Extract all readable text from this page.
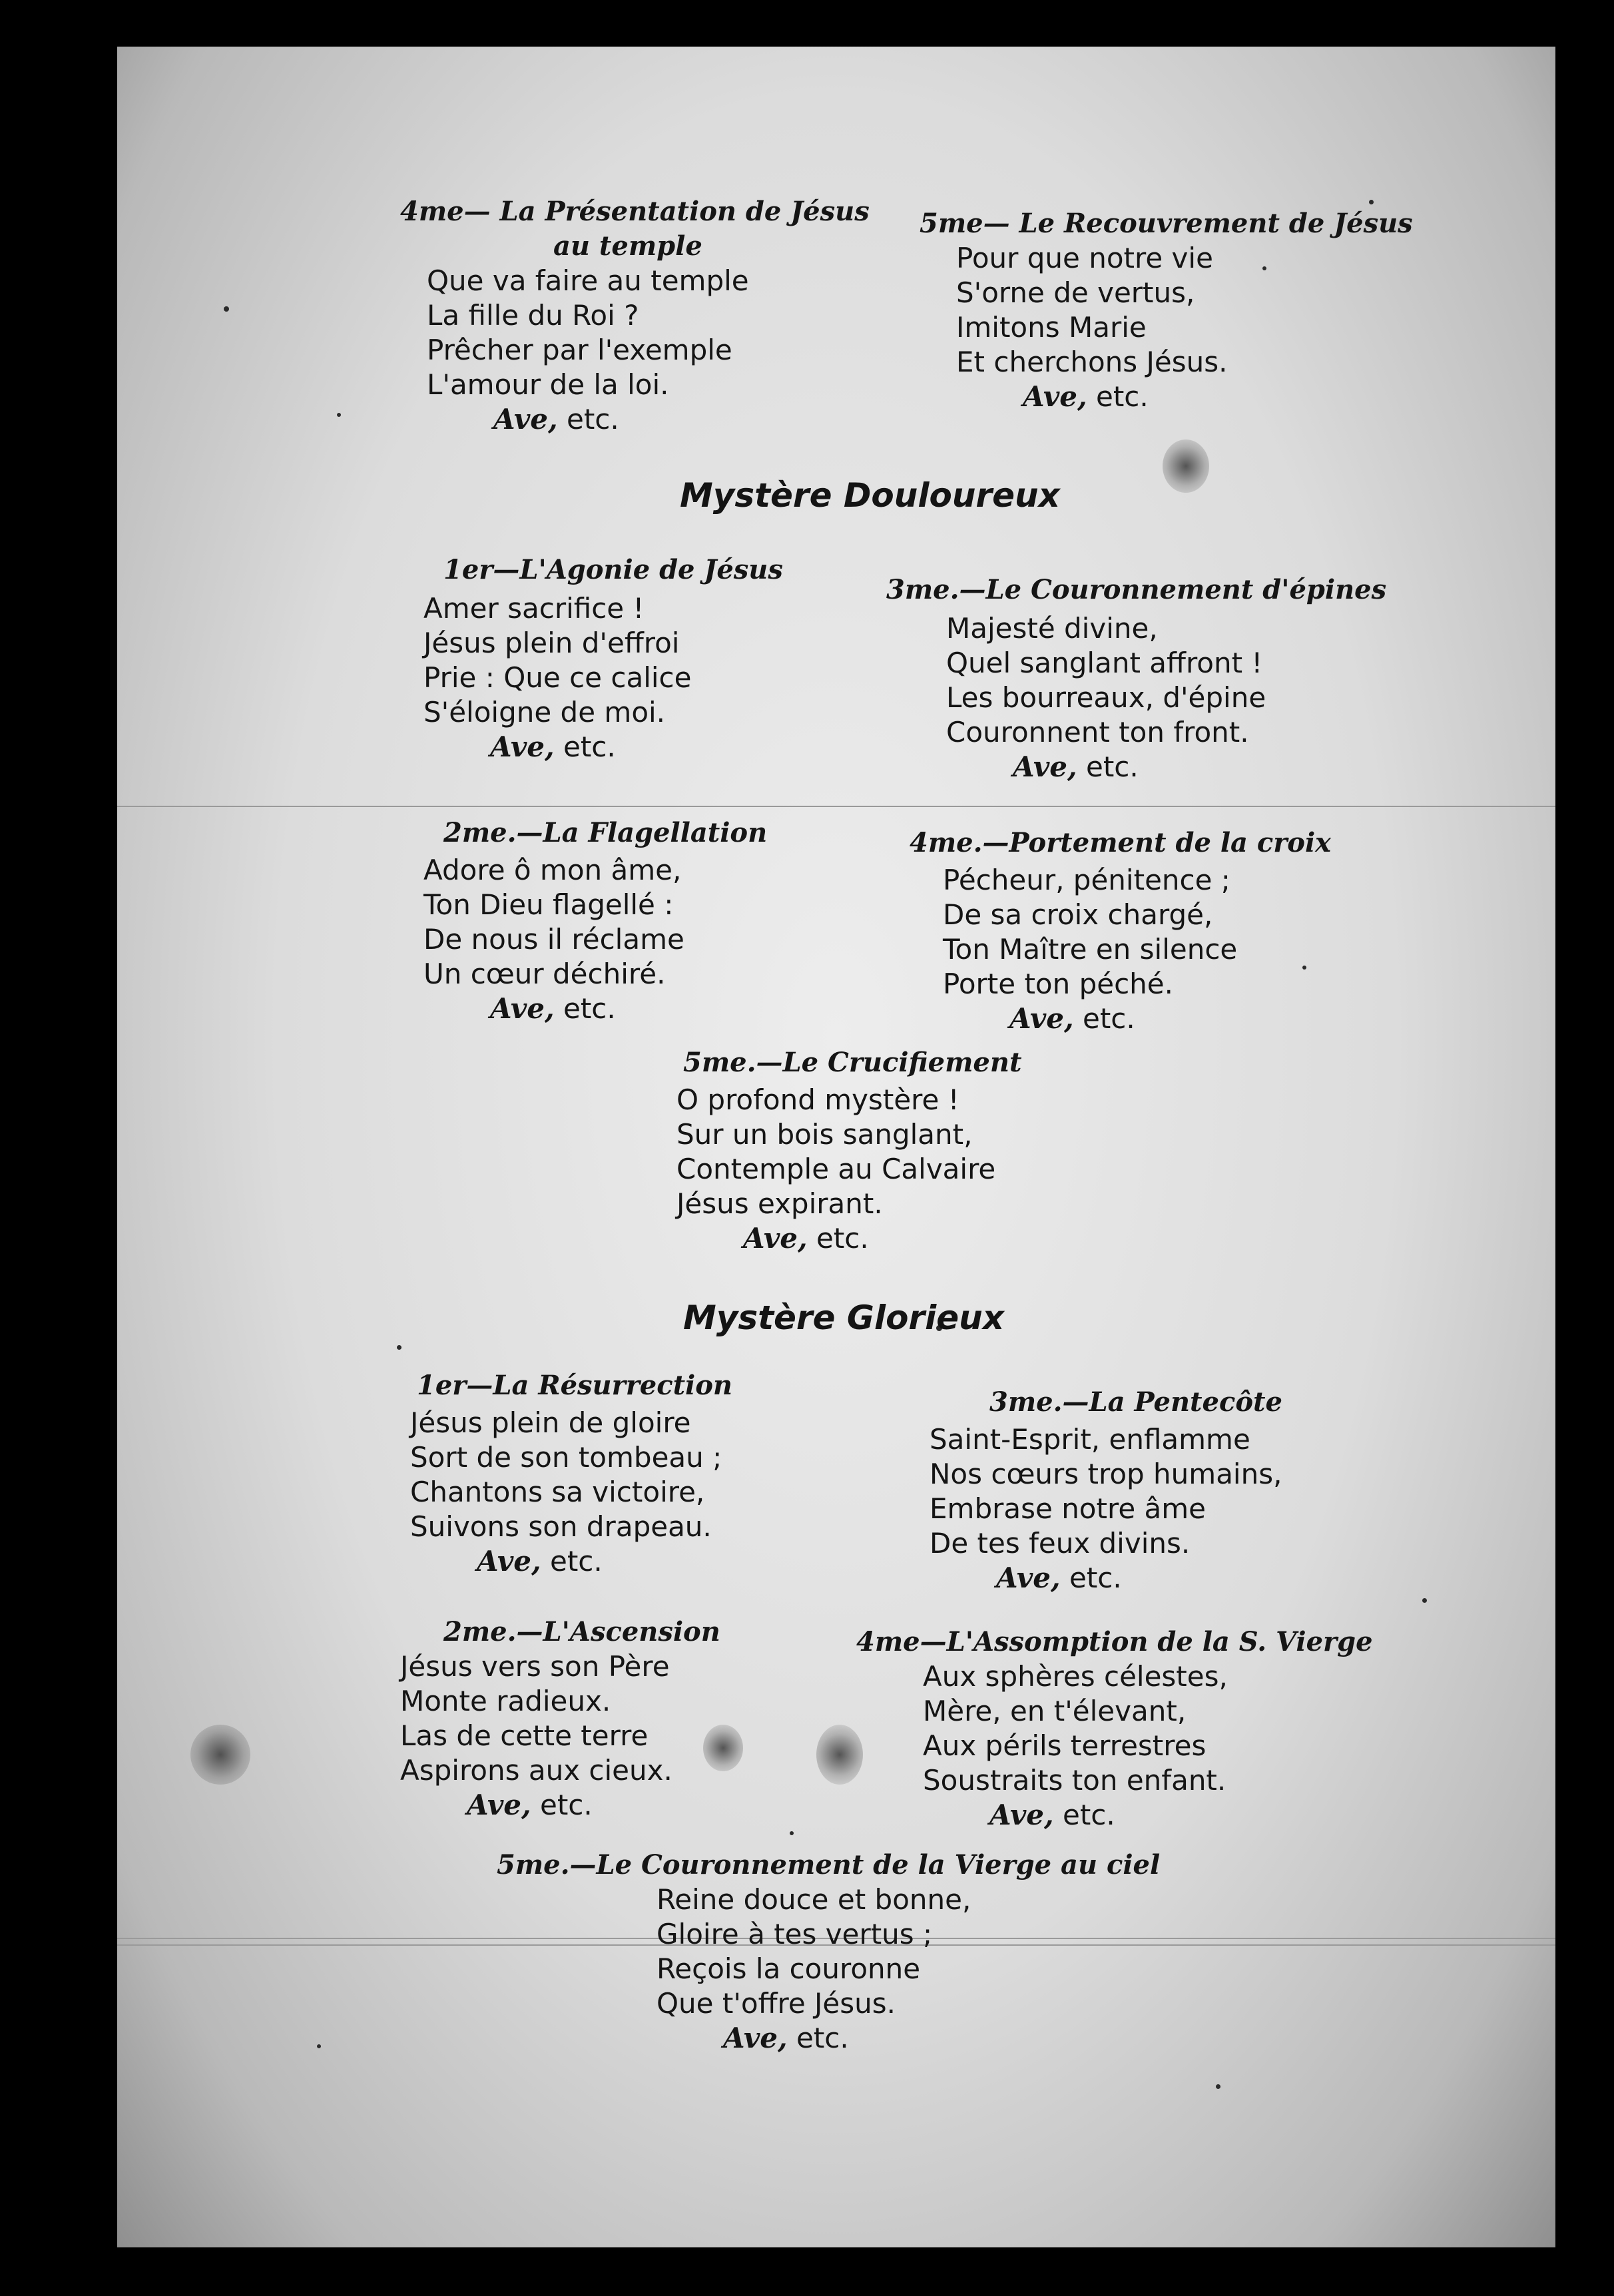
4me— La Présentation de Jésus
au temple
Que va faire au temple
La fille du Roi ?
Prêcher par l'exemple
L'amour de la loi.
Ave, etc.
5me— Le Recouvrement de Jésus
Pour que notre vie
S'orne de vertus,
Imitons Marie
Et cherchons Jésus.
Ave, etc.
Mystère Douloureux
1er—L'Agonie de Jésus
Amer sacrifice !
Jésus plein d'effroi
Prie : Que ce calice
S'éloigne de moi.
Ave, etc.
3me.—Le Couronnement d'épines
Majesté divine,
Quel sanglant affront !
Les bourreaux, d'épine
Couronnent ton front.
Ave, etc.
2me.—La Flagellation
Adore ô mon âme,
Ton Dieu flagellé :
De nous il réclame
Un cœur déchiré.
Ave, etc.
4me.—Portement de la croix
Pécheur, pénitence ;
De sa croix chargé,
Ton Maître en silence
Porte ton péché.
Ave, etc.
5me.—Le Crucifiement
O profond mystère !
Sur un bois sanglant,
Contemple au Calvaire
Jésus expirant.
Ave, etc.
Mystère Glorieux
1er—La Résurrection
Jésus plein de gloire
Sort de son tombeau ;
Chantons sa victoire,
Suivons son drapeau.
Ave, etc.
3me.—La Pentecôte
Saint-Esprit, enflamme
Nos cœurs trop humains,
Embrase notre âme
De tes feux divins.
Ave, etc.
2me.—L'Ascension
Jésus vers son Père
Monte radieux.
Las de cette terre
Aspirons aux cieux.
Ave, etc.
4me—L'Assomption de la S. Vierge
Aux sphères célestes,
Mère, en t'élevant,
Aux périls terrestres
Soustraits ton enfant.
Ave, etc.
5me.—Le Couronnement de la Vierge au ciel
Reine douce et bonne,
Gloire à tes vertus ;
Reçois la couronne
Que t'offre Jésus.
Ave, etc.
